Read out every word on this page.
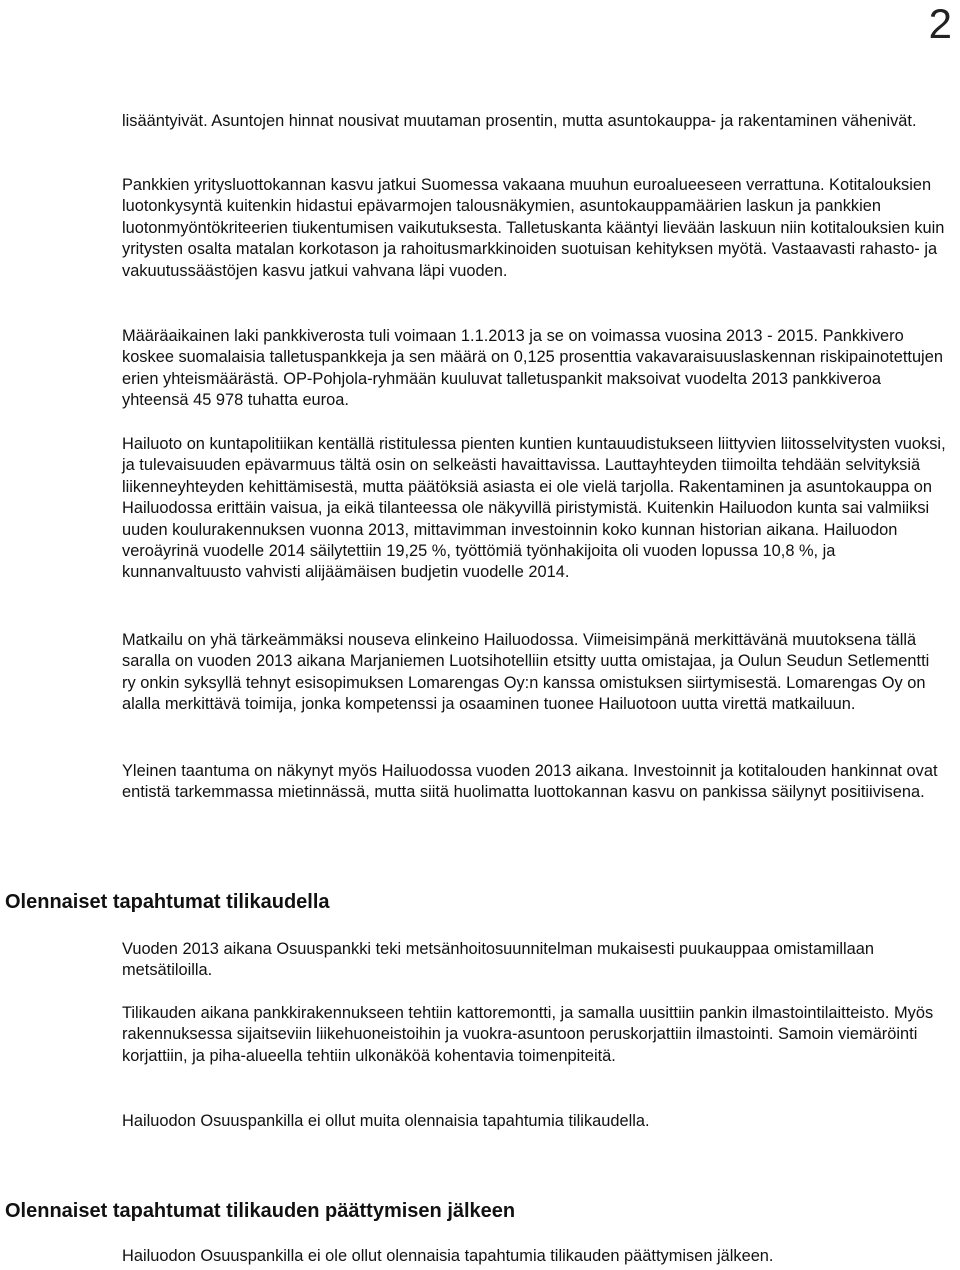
2

lisääntyivät. Asuntojen hinnat nousivat muutaman prosentin, mutta asuntokauppa- ja rakentaminen vähenivät.

Pankkien yritysluottokannan kasvu jatkui Suomessa vakaana muuhun euroalueeseen verrattuna. Kotitalouksien luotonkysyntä kuitenkin hidastui epävarmojen talousnäkymien, asuntokauppamäärien laskun ja pankkien luotonmyöntökriteerien tiukentumisen vaikutuksesta. Talletuskanta kääntyi lievään laskuun niin kotitalouksien kuin yritysten osalta matalan korkotason ja rahoitusmarkkinoiden suotuisan kehityksen myötä. Vastaavasti rahasto- ja vakuutussäästöjen kasvu jatkui vahvana läpi vuoden.

Määräaikainen laki pankkiverosta tuli voimaan 1.1.2013 ja se on voimassa vuosina 2013 - 2015. Pankkivero koskee suomalaisia talletuspankkeja ja sen määrä on 0,125 prosenttia vakavaraisuuslaskennan riskipainotettujen erien yhteismäärästä. OP-Pohjola-ryhmään kuuluvat talletuspankit maksoivat vuodelta 2013 pankkiveroa yhteensä 45 978 tuhatta euroa.

Hailuoto on kuntapolitiikan kentällä ristitulessa pienten kuntien kuntauudistukseen liittyvien liitosselvitysten vuoksi, ja tulevaisuuden epävarmuus tältä osin on selkeästi havaittavissa. Lauttayhteyden tiimoilta tehdään selvityksiä liikenneyhteyden kehittämisestä, mutta päätöksiä asiasta ei ole vielä tarjolla. Rakentaminen ja asuntokauppa on Hailuodossa erittäin vaisua, ja eikä tilanteessa ole näkyvillä piristymistä. Kuitenkin Hailuodon kunta sai valmiiksi uuden koulurakennuksen vuonna 2013, mittavimman investoinnin koko kunnan historian aikana. Hailuodon veroäyrinä vuodelle 2014 säilytettiin 19,25 %, työttömiä työnhakijoita oli vuoden lopussa 10,8 %, ja kunnanvaltuusto vahvisti alijäämäisen budjetin vuodelle 2014.

Matkailu on yhä tärkeämmäksi nouseva elinkeino Hailuodossa. Viimeisimpänä merkittävänä muutoksena tällä saralla on vuoden 2013 aikana Marjaniemen Luotsihotelliin etsitty uutta omistajaa, ja Oulun Seudun Setlementti ry onkin syksyllä tehnyt esisopimuksen Lomarengas Oy:n kanssa omistuksen siirtymisestä. Lomarengas Oy on alalla merkittävä toimija, jonka kompetenssi ja osaaminen tuonee Hailuotoon uutta virettä matkailuun.

Yleinen taantuma on näkynyt myös Hailuodossa vuoden 2013 aikana. Investoinnit ja kotitalouden hankinnat ovat entistä tarkemmassa mietinnässä, mutta siitä huolimatta luottokannan kasvu on pankissa säilynyt positiivisena.

Olennaiset tapahtumat tilikaudella

Vuoden 2013 aikana Osuuspankki teki metsänhoitosuunnitelman mukaisesti puukauppaa omistamillaan metsätiloilla.

Tilikauden aikana pankkirakennukseen tehtiin kattoremontti, ja samalla uusittiin pankin ilmastointilaitteisto. Myös rakennuksessa sijaitseviin liikehuoneistoihin ja vuokra-asuntoon peruskorjattiin ilmastointi. Samoin viemäröinti korjattiin, ja piha-alueella tehtiin ulkonäköä kohentavia toimenpiteitä.

Hailuodon Osuuspankilla ei ollut muita olennaisia tapahtumia tilikaudella.

Olennaiset tapahtumat tilikauden päättymisen jälkeen

Hailuodon Osuuspankilla ei ole ollut olennaisia tapahtumia tilikauden päättymisen jälkeen.
